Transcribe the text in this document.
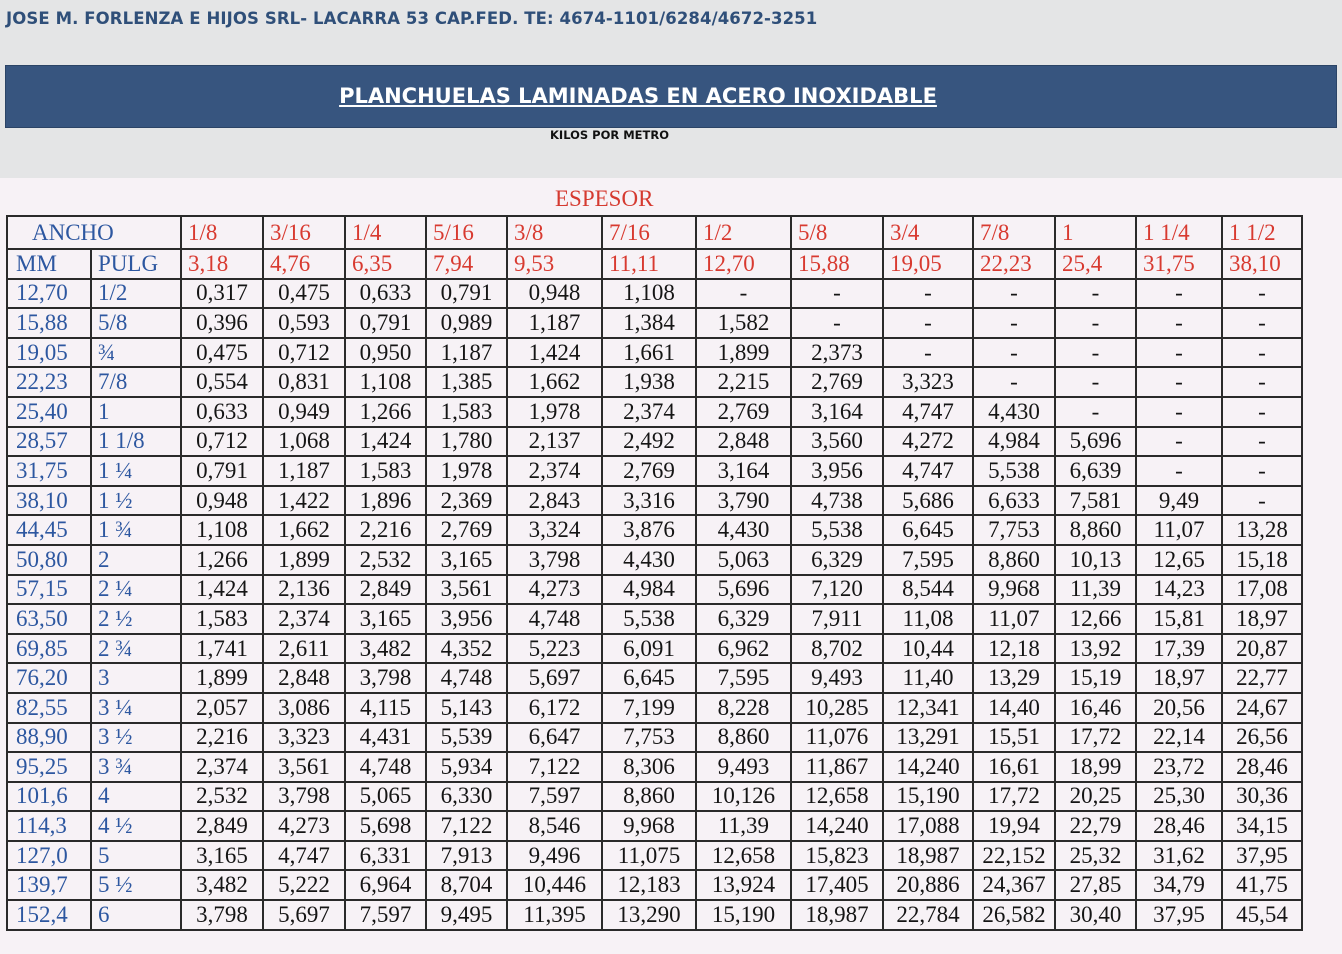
JOSE M. FORLENZA E HIJOS SRL- LACARRA 53 CAP.FED. TE: 4674-1101/6284/4672-3251
PLANCHUELAS LAMINADAS EN ACERO INOXIDABLE
KILOS POR METRO
ESPESOR
ANCHO		1/8	3/16	1/4	5/16	3/8	7/16	1/2	5/8	3/4	7/8	1	1 1/4	1 1/2
MM	PULG	3,18	4,76	6,35	7,94	9,53	11,11	12,70	15,88	19,05	22,23	25,4	31,75	38,10
12,70	1/2	0,317	0,475	0,633	0,791	0,948	1,108	-	-	-	-	-	-	-
15,88	5/8	0,396	0,593	0,791	0,989	1,187	1,384	1,582	-	-	-	-	-	-
19,05	¾	0,475	0,712	0,950	1,187	1,424	1,661	1,899	2,373	-	-	-	-	-
22,23	7/8	0,554	0,831	1,108	1,385	1,662	1,938	2,215	2,769	3,323	-	-	-	-
25,40	1	0,633	0,949	1,266	1,583	1,978	2,374	2,769	3,164	4,747	4,430	-	-	-
28,57	1 1/8	0,712	1,068	1,424	1,780	2,137	2,492	2,848	3,560	4,272	4,984	5,696	-	-
31,75	1 ¼	0,791	1,187	1,583	1,978	2,374	2,769	3,164	3,956	4,747	5,538	6,639	-	-
38,10	1 ½	0,948	1,422	1,896	2,369	2,843	3,316	3,790	4,738	5,686	6,633	7,581	9,49	-
44,45	1 ¾	1,108	1,662	2,216	2,769	3,324	3,876	4,430	5,538	6,645	7,753	8,860	11,07	13,28
50,80	2	1,266	1,899	2,532	3,165	3,798	4,430	5,063	6,329	7,595	8,860	10,13	12,65	15,18
57,15	2 ¼	1,424	2,136	2,849	3,561	4,273	4,984	5,696	7,120	8,544	9,968	11,39	14,23	17,08
63,50	2 ½	1,583	2,374	3,165	3,956	4,748	5,538	6,329	7,911	11,08	11,07	12,66	15,81	18,97
69,85	2 ¾	1,741	2,611	3,482	4,352	5,223	6,091	6,962	8,702	10,44	12,18	13,92	17,39	20,87
76,20	3	1,899	2,848	3,798	4,748	5,697	6,645	7,595	9,493	11,40	13,29	15,19	18,97	22,77
82,55	3 ¼	2,057	3,086	4,115	5,143	6,172	7,199	8,228	10,285	12,341	14,40	16,46	20,56	24,67
88,90	3 ½	2,216	3,323	4,431	5,539	6,647	7,753	8,860	11,076	13,291	15,51	17,72	22,14	26,56
95,25	3 ¾	2,374	3,561	4,748	5,934	7,122	8,306	9,493	11,867	14,240	16,61	18,99	23,72	28,46
101,6	4	2,532	3,798	5,065	6,330	7,597	8,860	10,126	12,658	15,190	17,72	20,25	25,30	30,36
114,3	4 ½	2,849	4,273	5,698	7,122	8,546	9,968	11,39	14,240	17,088	19,94	22,79	28,46	34,15
127,0	5	3,165	4,747	6,331	7,913	9,496	11,075	12,658	15,823	18,987	22,152	25,32	31,62	37,95
139,7	5 ½	3,482	5,222	6,964	8,704	10,446	12,183	13,924	17,405	20,886	24,367	27,85	34,79	41,75
152,4	6	3,798	5,697	7,597	9,495	11,395	13,290	15,190	18,987	22,784	26,582	30,40	37,95	45,54
